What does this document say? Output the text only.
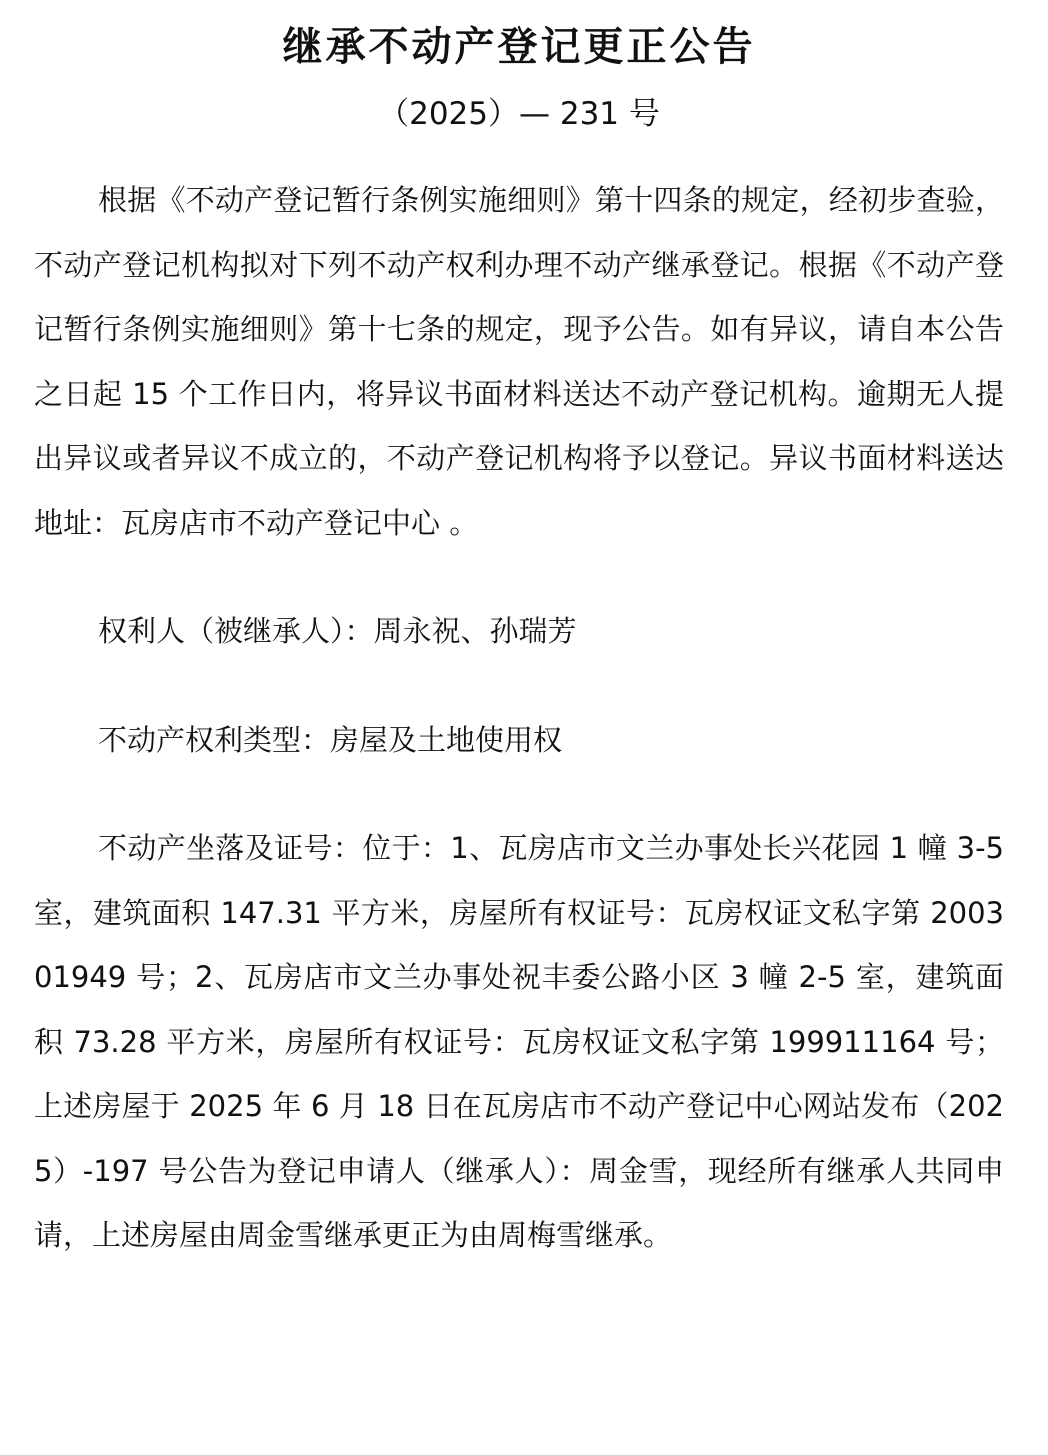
继承不动产登记更正公告
（2025）— 231 号

根据《不动产登记暂行条例实施细则》第十四条的规定，经初步查验，不动产登记机构拟对下列不动产权利办理不动产继承登记。根据《不动产登记暂行条例实施细则》第十七条的规定，现予公告。如有异议，请自本公告之日起 15 个工作日内，将异议书面材料送达不动产登记机构。逾期无人提出异议或者异议不成立的，不动产登记机构将予以登记。异议书面材料送达地址：瓦房店市不动产登记中心 。

权利人（被继承人）：周永祝、孙瑞芳

不动产权利类型：房屋及土地使用权

不动产坐落及证号：位于：1、瓦房店市文兰办事处长兴花园 1 幢 3-5 室，建筑面积 147.31 平方米，房屋所有权证号：瓦房权证文私字第 200301949 号；2、瓦房店市文兰办事处祝丰委公路小区 3 幢 2-5 室，建筑面积 73.28 平方米，房屋所有权证号：瓦房权证文私字第 199911164 号；上述房屋于 2025 年 6 月 18 日在瓦房店市不动产登记中心网站发布（2025）-197 号公告为登记申请人（继承人）：周金雪，现经所有继承人共同申请，上述房屋由周金雪继承更正为由周梅雪继承。
